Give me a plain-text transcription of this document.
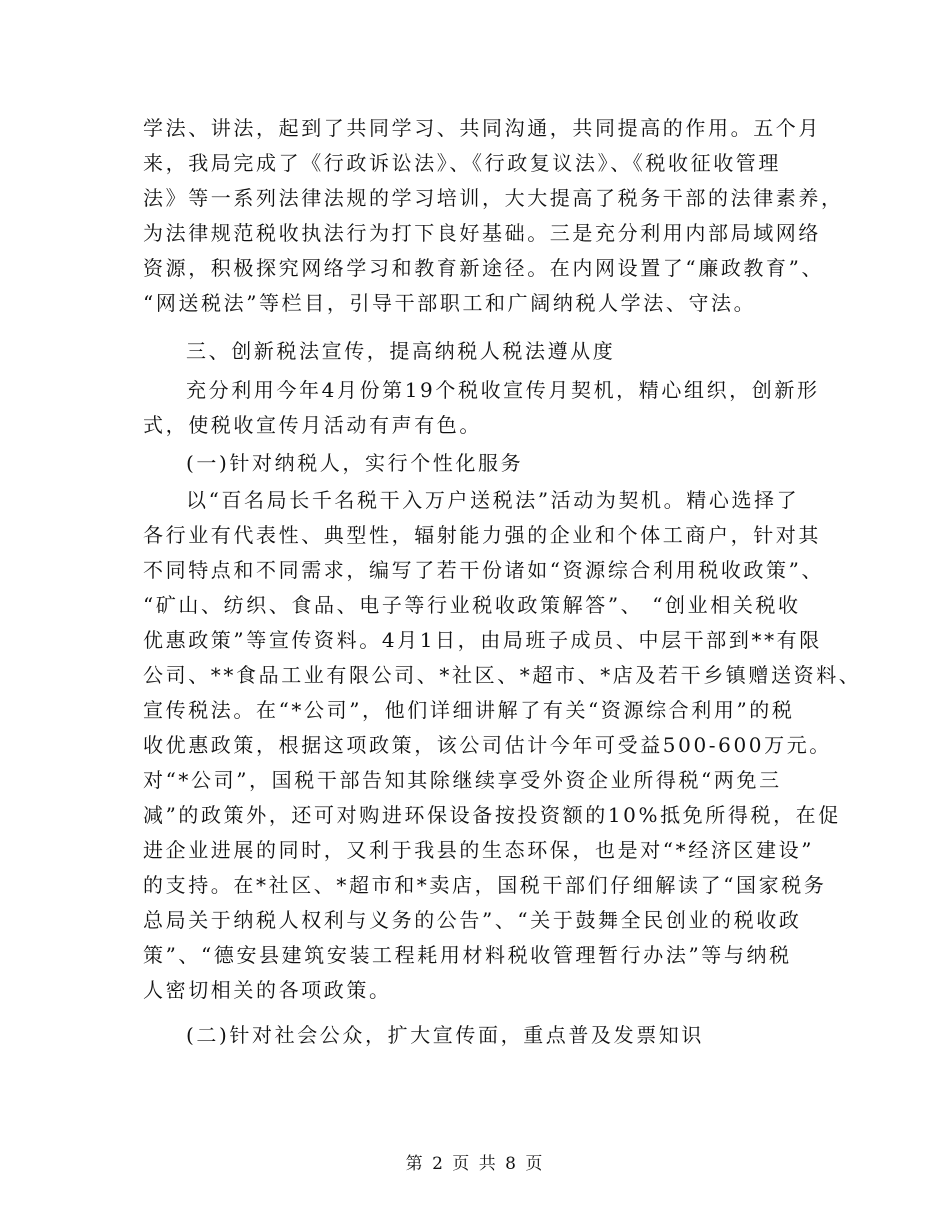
学法、讲法，起到了共同学习、共同沟通，共同提高的作用。五个月
来，我局完成了《行政诉讼法》、《行政复议法》、《税收征收管理
法》等一系列法律法规的学习培训，大大提高了税务干部的法律素养，
为法律规范税收执法行为打下良好基础。三是充分利用内部局域网络
资源，积极探究网络学习和教育新途径。在内网设置了“廉政教育”、
“网送税法”等栏目，引导干部职工和广阔纳税人学法、守法。
三、创新税法宣传，提高纳税人税法遵从度
充分利用今年4月份第19个税收宣传月契机，精心组织，创新形
式，使税收宣传月活动有声有色。
(一)针对纳税人，实行个性化服务
以“百名局长千名税干入万户送税法”活动为契机。精心选择了
各行业有代表性、典型性，辐射能力强的企业和个体工商户，针对其
不同特点和不同需求，编写了若干份诸如“资源综合利用税收政策”、
“矿山、纺织、食品、电子等行业税收政策解答”、 “创业相关税收
优惠政策”等宣传资料。4月1日，由局班子成员、中层干部到**有限
公司、**食品工业有限公司、*社区、*超市、*店及若干乡镇赠送资料、
宣传税法。在“*公司”，他们详细讲解了有关“资源综合利用”的税
收优惠政策，根据这项政策，该公司估计今年可受益500-600万元。
对“*公司”，国税干部告知其除继续享受外资企业所得税“两免三
减”的政策外，还可对购进环保设备按投资额的10%抵免所得税，在促
进企业进展的同时，又利于我县的生态环保，也是对“*经济区建设”
的支持。在*社区、*超市和*卖店，国税干部们仔细解读了“国家税务
总局关于纳税人权利与义务的公告”、“关于鼓舞全民创业的税收政
策”、“德安县建筑安装工程耗用材料税收管理暂行办法”等与纳税
人密切相关的各项政策。
(二)针对社会公众，扩大宣传面，重点普及发票知识
第 2 页 共 8 页
